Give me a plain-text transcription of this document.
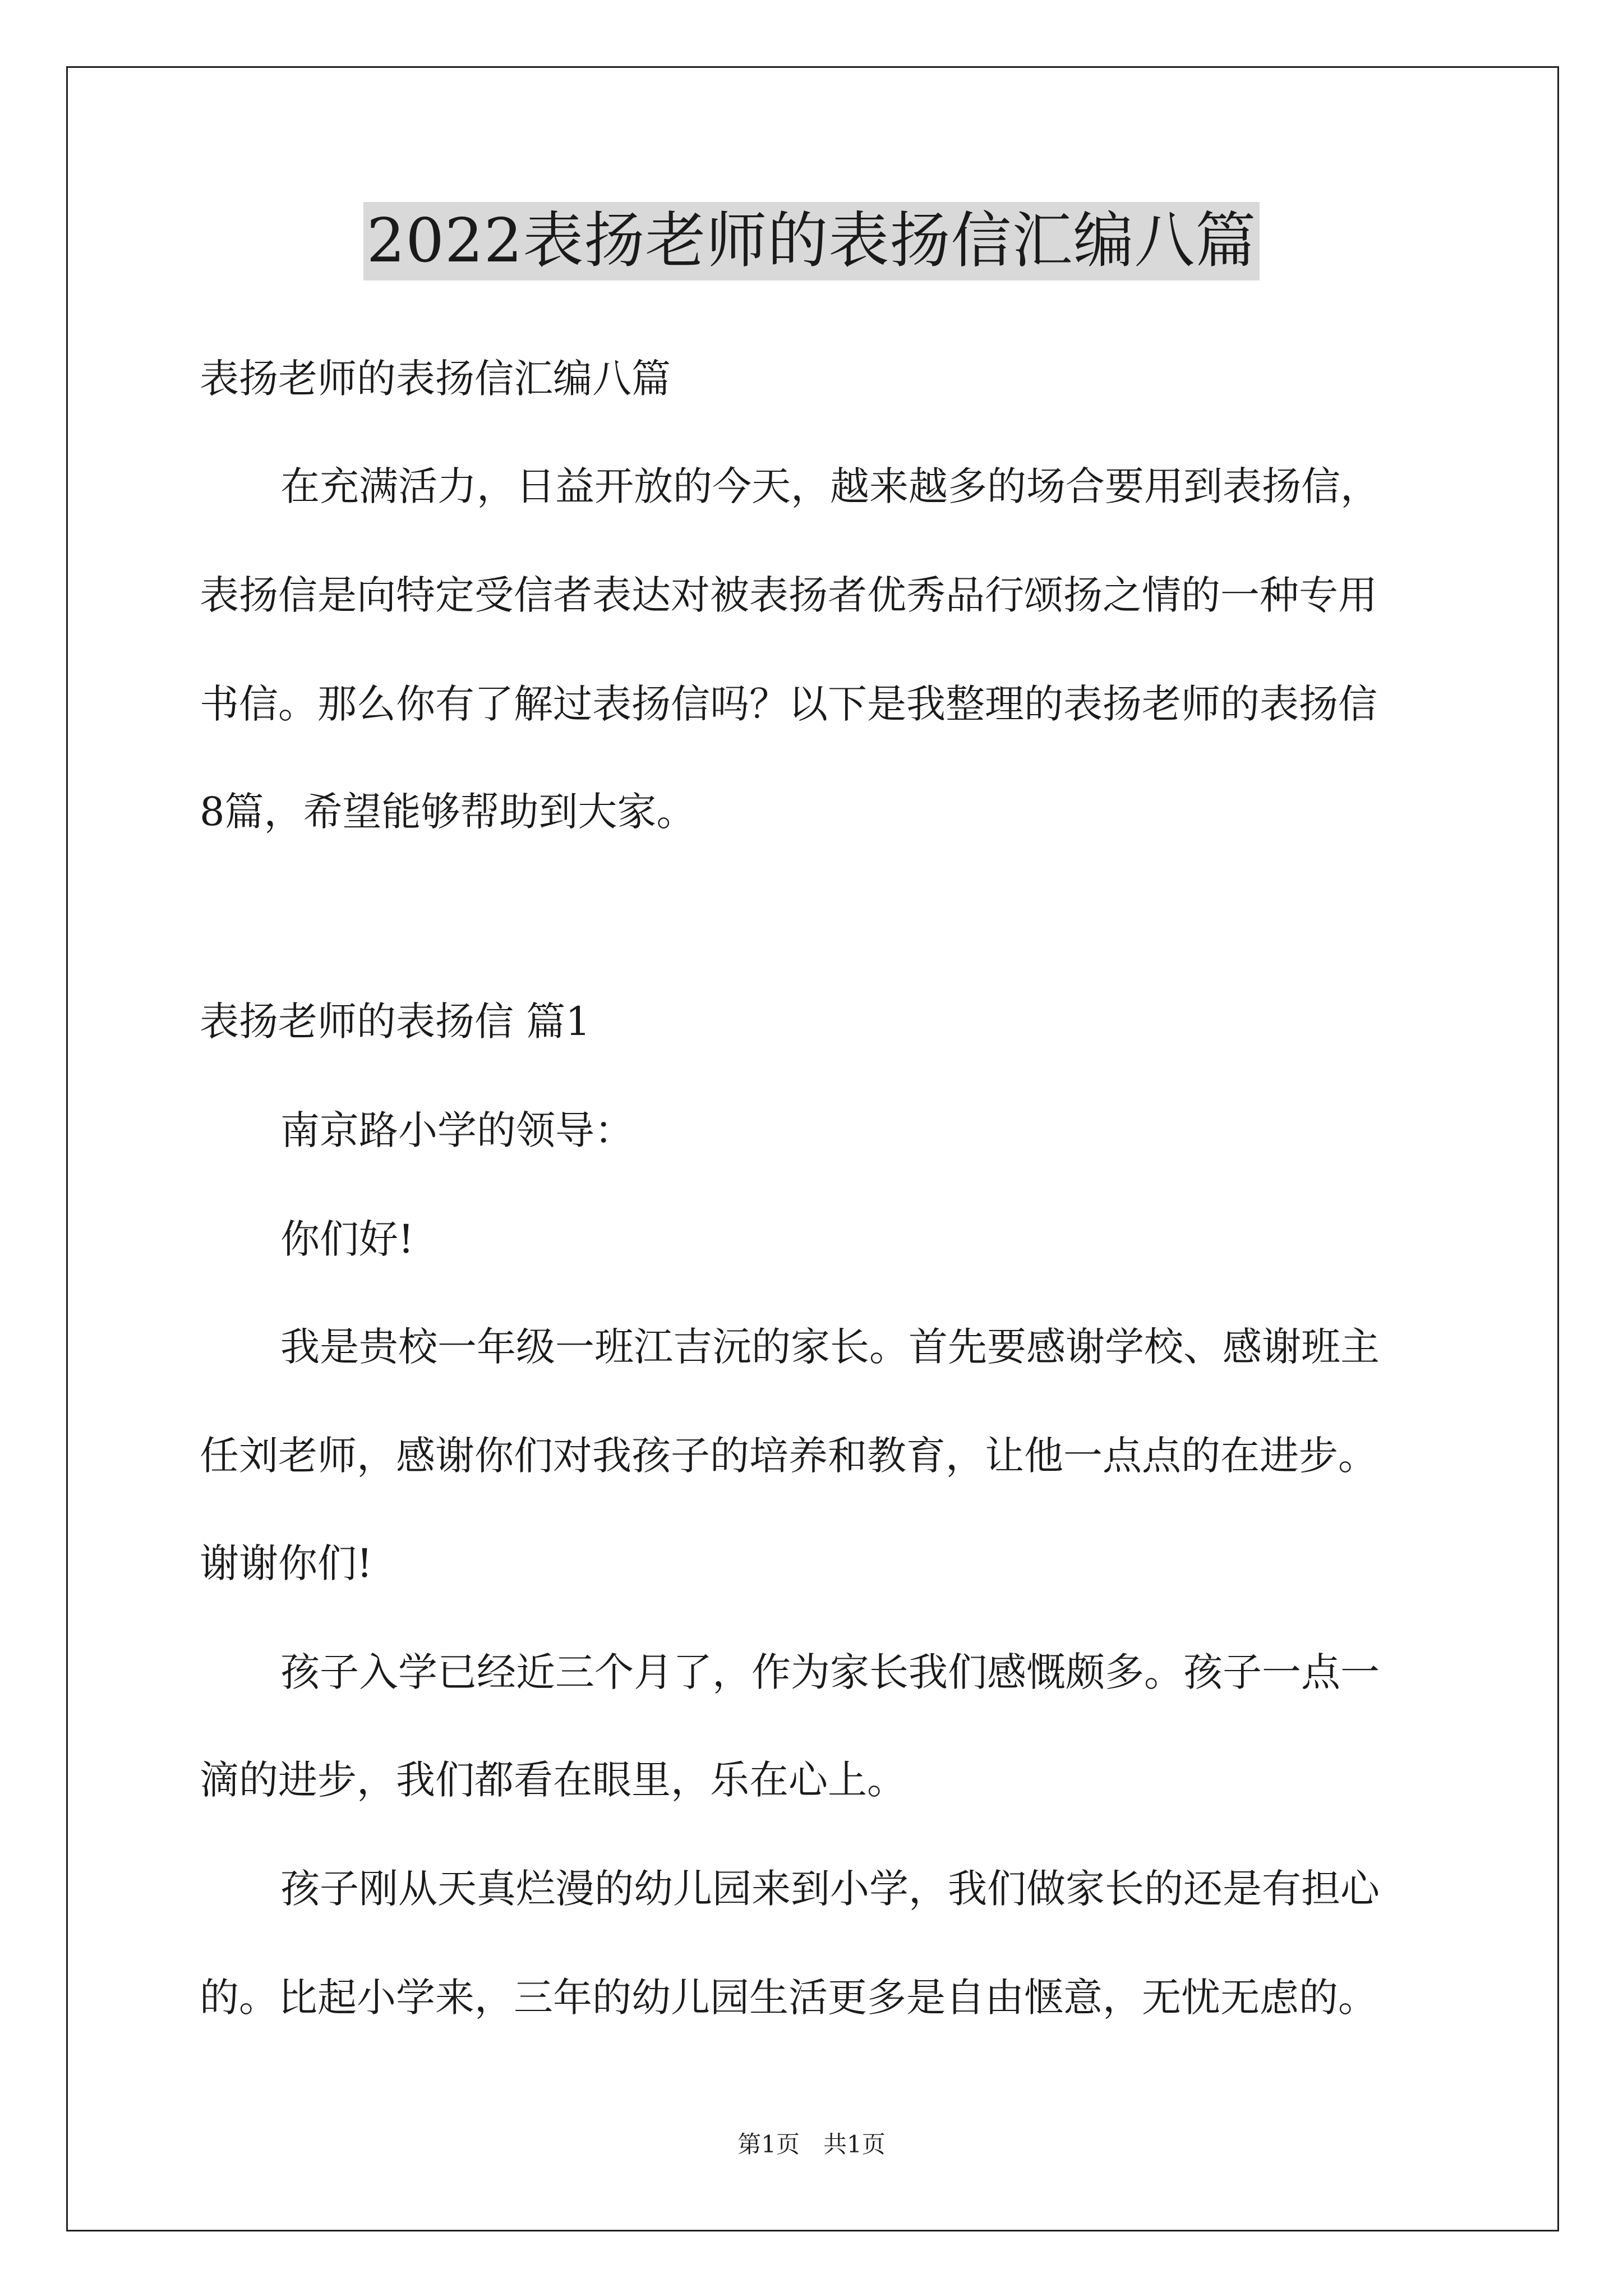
2022表扬老师的表扬信汇编八篇
表扬老师的表扬信汇编八篇
在充满活力，日益开放的今天，越来越多的场合要用到表扬信，
表扬信是向特定受信者表达对被表扬者优秀品行颂扬之情的一种专用
书信。那么你有了解过表扬信吗？以下是我整理的表扬老师的表扬信
8篇，希望能够帮助到大家。
表扬老师的表扬信 篇1
南京路小学的领导：
你们好!
我是贵校一年级一班江吉沅的家长。首先要感谢学校、感谢班主
任刘老师，感谢你们对我孩子的培养和教育，让他一点点的在进步。
谢谢你们!
孩子入学已经近三个月了，作为家长我们感慨颇多。孩子一点一
滴的进步，我们都看在眼里，乐在心上。
孩子刚从天真烂漫的幼儿园来到小学，我们做家长的还是有担心
的。比起小学来，三年的幼儿园生活更多是自由惬意，无忧无虑的。
第1页　共1页
